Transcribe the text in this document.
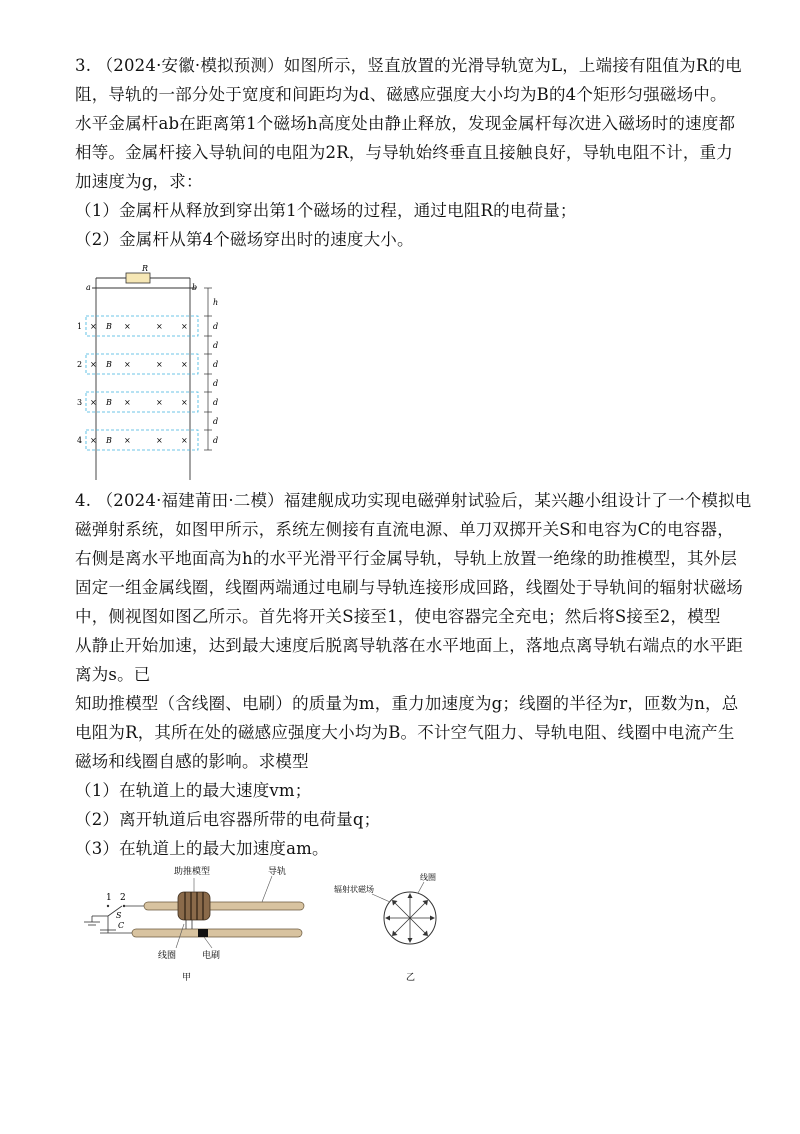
3. （2024·安徽·模拟预测）如图所示，竖直放置的光滑导轨宽为L，上端接有阻值为R的电
阻，导轨的一部分处于宽度和间距均为d、磁感应强度大小均为B的4个矩形匀强磁场中。
水平金属杆ab在距离第1个磁场h高度处由静止释放，发现金属杆每次进入磁场时的速度都
相等。金属杆接入导轨间的电阻为2R，与导轨始终垂直且接触良好，导轨电阻不计，重力
加速度为g，求：
（1）金属杆从释放到穿出第1个磁场的过程，通过电阻R的电荷量；
（2）金属杆从第4个磁场穿出时的速度大小。
R
a	b
1
2
3
4
× B ×	× ×
× B ×	× ×
× B ×	× ×
× B ×	× ×
h
d
d
d
d
d
d
d
4. （2024·福建莆田·二模）福建舰成功实现电磁弹射试验后，某兴趣小组设计了一个模拟电
磁弹射系统，如图甲所示，系统左侧接有直流电源、单刀双掷开关S和电容为C的电容器，
右侧是离水平地面高为h的水平光滑平行金属导轨，导轨上放置一绝缘的助推模型，其外层
固定一组金属线圈，线圈两端通过电刷与导轨连接形成回路，线圈处于导轨间的辐射状磁场
中，侧视图如图乙所示。首先将开关S接至1，使电容器完全充电；然后将S接至2，模型
从静止开始加速，达到最大速度后脱离导轨落在水平地面上，落地点离导轨右端点的水平距
离为s。已
知助推模型（含线圈、电刷）的质量为m，重力加速度为g；线圈的半径为r，匝数为n，总
电阻为R，其所在处的磁感应强度大小均为B。不计空气阻力、导轨电阻、线圈中电流产生
磁场和线圈自感的影响。求模型
（1）在轨道上的最大速度vm；
（2）离开轨道后电容器所带的电荷量q；
（3）在轨道上的最大加速度am。
1 2
S
C
助推模型	导轨
线圈	电刷
甲
辐射状磁场
线圈
乙
